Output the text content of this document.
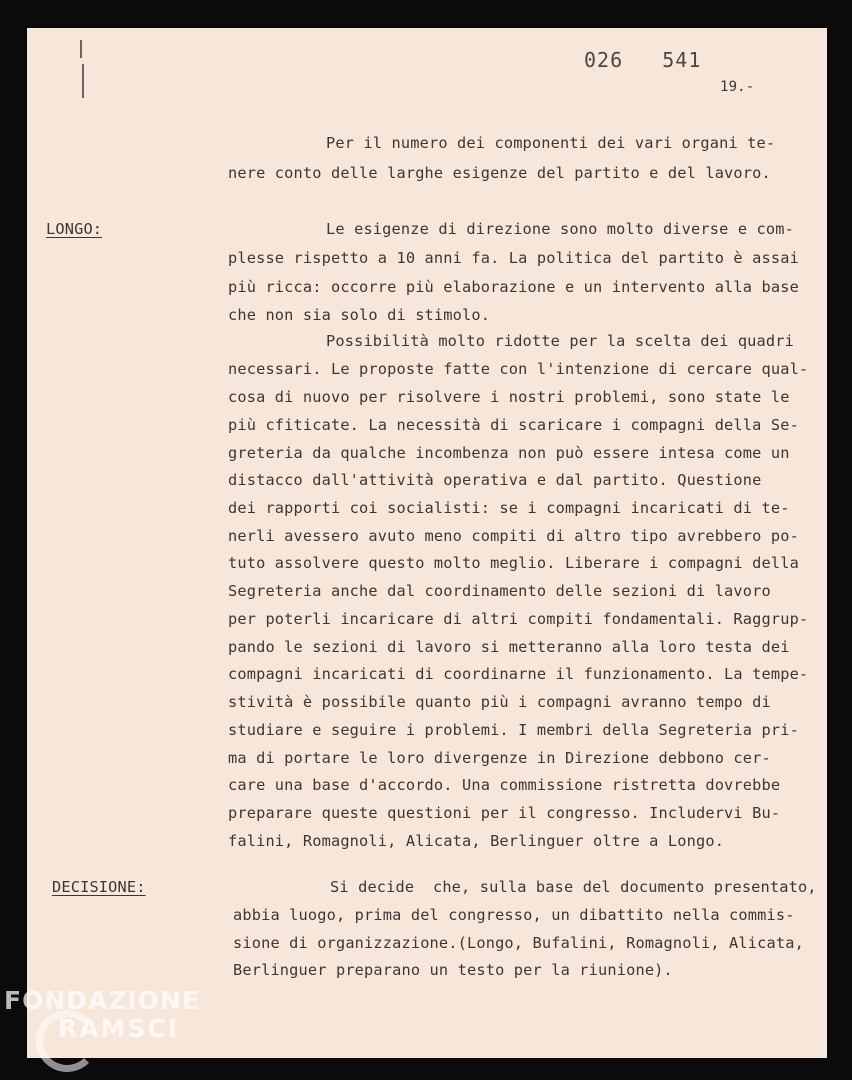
026   541
19.-
Per il numero dei componenti dei vari organi te-
nere conto delle larghe esigenze del partito e del lavoro.
LONGO:	Le esigenze di direzione sono molto diverse e com-
plesse rispetto a 10 anni fa. La politica del partito è assai
più ricca: occorre più elaborazione e un intervento alla base
che non sia solo di stimolo.
Possibilità molto ridotte per la scelta dei quadri
necessari. Le proposte fatte con l'intenzione di cercare qual-
cosa di nuovo per risolvere i nostri problemi, sono state le
più cfiticate. La necessità di scaricare i compagni della Se-
greteria da qualche incombenza non può essere intesa come un
distacco dall'attività operativa e dal partito. Questione
dei rapporti coi socialisti: se i compagni incaricati di te-
nerli avessero avuto meno compiti di altro tipo avrebbero po-
tuto assolvere questo molto meglio. Liberare i compagni della
Segreteria anche dal coordinamento delle sezioni di lavoro
per poterli incaricare di altri compiti fondamentali. Raggrup-
pando le sezioni di lavoro si metteranno alla loro testa dei
compagni incaricati di coordinarne il funzionamento. La tempe-
stività è possibile quanto più i compagni avranno tempo di
studiare e seguire i problemi. I membri della Segreteria pri-
ma di portare le loro divergenze in Direzione debbono cer-
care una base d'accordo. Una commissione ristretta dovrebbe
preparare queste questioni per il congresso. Includervi Bu-
falini, Romagnoli, Alicata, Berlinguer oltre a Longo.
DECISIONE:	Si decide  che, sulla base del documento presentato,
abbia luogo, prima del congresso, un dibattito nella commis-
sione di organizzazione.(Longo, Bufalini, Romagnoli, Alicata,
Berlinguer preparano un testo per la riunione).
FONDAZIONE
RAMSCI
